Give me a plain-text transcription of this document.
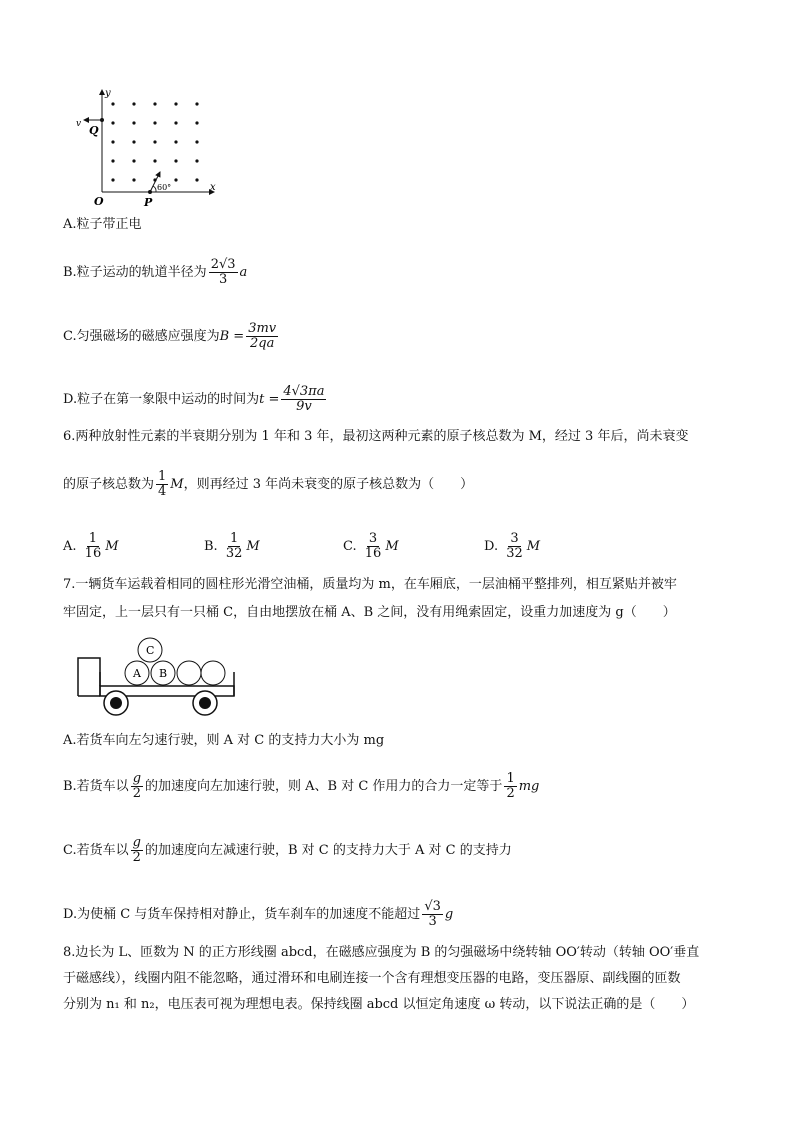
y
x
Q
v
O	P
60°
A.粒子带正电
B.粒子运动的轨道半径为 $\frac{2√3}{3}$ a
C.匀强磁场的磁感应强度为$B = \frac{3mv}{2qa}$
D.粒子在第一象限中运动的时间为$t = \frac{4√3\pi a}{9v}$
6.两种放射性元素的半衰期分别为 1 年和 3 年，最初这两种元素的原子核总数为 M，经过 3 年后，尚未衰变
的原子核总数为 $\frac{1}{4}$ M，则再经过 3 年尚未衰变的原子核总数为（　　）
A. $\frac{1}{16}$ M	B. $\frac{1}{32}$ M	C. $\frac{3}{16}$ M	D. $\frac{3}{32}$ M
7.一辆货车运载着相同的圆柱形光滑空油桶，质量均为 m，在车厢底，一层油桶平整排列，相互紧贴并被牢
牢固定，上一层只有一只桶 C，自由地摆放在桶 A、B 之间，没有用绳索固定，设重力加速度为 g（　　）
A B
C
A.若货车向左匀速行驶，则 A 对 C 的支持力大小为 mg
B.若货车以 $\frac{g}{2}$ 的加速度向左加速行驶，则 A、B 对 C 作用力的合力一定等于 $\frac{1}{2}$ mg
C.若货车以 $\frac{g}{2}$ 的加速度向左减速行驶，B 对 C 的支持力大于 A 对 C 的支持力
D.为使桶 C 与货车保持相对静止，货车刹车的加速度不能超过 $\frac{√3}{3}$ g
8.边长为 L、匝数为 N 的正方形线圈 abcd，在磁感应强度为 B 的匀强磁场中绕转轴 OO′转动（转轴 OO′垂直
于磁感线），线圈内阻不能忽略，通过滑环和电刷连接一个含有理想变压器的电路，变压器原、副线圈的匝数
分别为 n₁ 和 n₂，电压表可视为理想电表。保持线圈 abcd 以恒定角速度 ω 转动，以下说法正确的是（　　）
